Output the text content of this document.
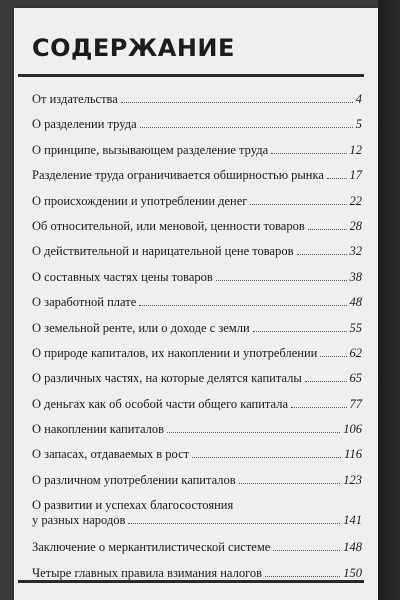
СОДЕРЖАНИЕ
От издательства	4
О разделении труда	5
О принципе, вызывающем разделение труда	12
Разделение труда ограничивается обширностью рынка 17
О происхождении и употреблении денег	22
Об относительной, или меновой, ценности товаров	28
О действительной и нарицательной цене товаров	32
О составных частях цены товаров	38
О заработной плате	48
О земельной ренте, или о доходе с земли	55
О природе капиталов, их накоплении и употреблении	62
О различных частях, на которые делятся капиталы	65
О деньгах как об особой части общего капитала	77
О накоплении капиталов	106
О запасах, отдаваемых в рост	116
О различном употреблении капиталов	123
О развитии и успехах благосостояния
у разных народов	141
Заключение о меркантилистической системе	148
Четыре главных правила взимания налогов	150
